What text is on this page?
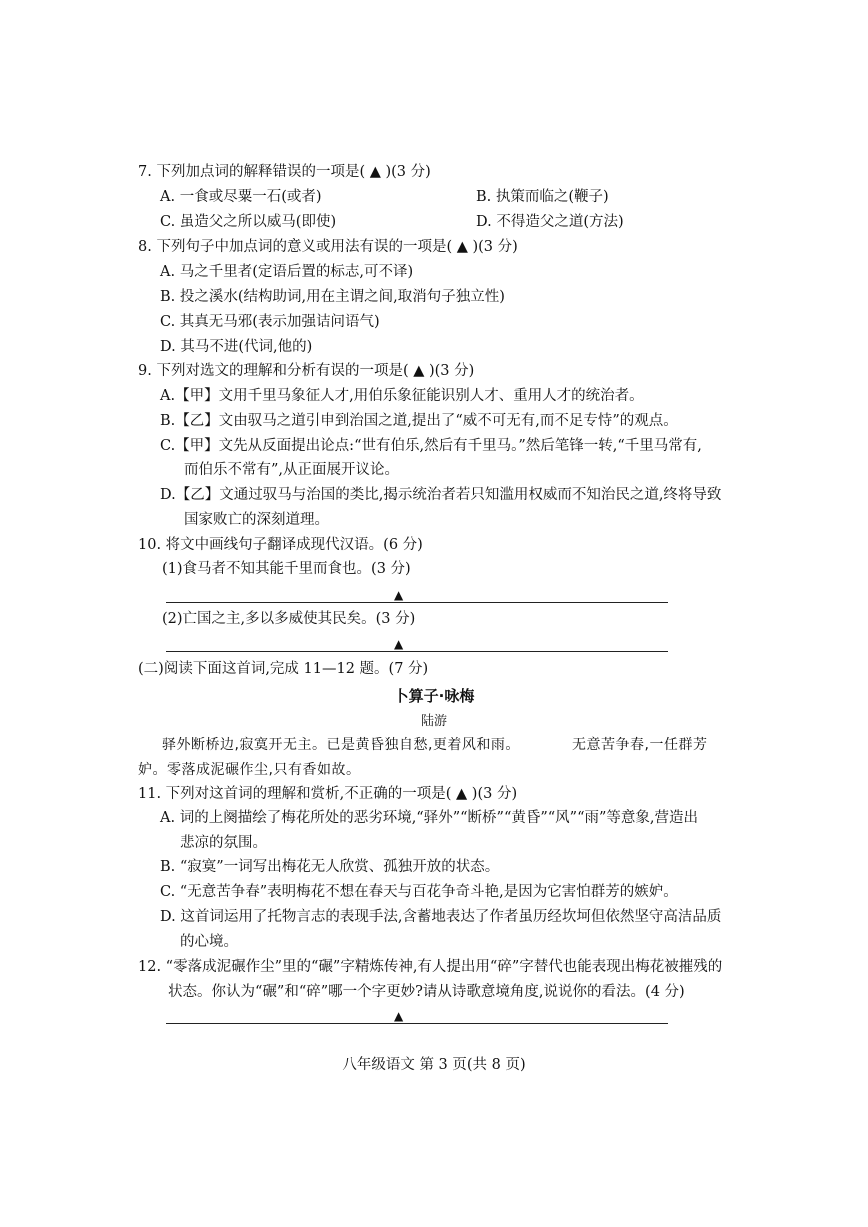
7. 下列加点词的解释错误的一项是( ▲ )(3 分)
A. 一食或尽粟一石(或者)	B. 执策而临之(鞭子)
C. 虽造父之所以威马(即使)	D. 不得造父之道(方法)
8. 下列句子中加点词的意义或用法有误的一项是( ▲ )(3 分)
A. 马之千里者(定语后置的标志,可不译)
B. 投之溪水(结构助词,用在主谓之间,取消句子独立性)
C. 其真无马邪(表示加强诘问语气)
D. 其马不进(代词,他的)
9. 下列对选文的理解和分析有误的一项是( ▲ )(3 分)
A.【甲】文用千里马象征人才,用伯乐象征能识别人才、重用人才的统治者。
B.【乙】文由驭马之道引申到治国之道,提出了“威不可无有,而不足专恃”的观点。
C.【甲】文先从反面提出论点:“世有伯乐,然后有千里马。”然后笔锋一转,“千里马常有,
而伯乐不常有”,从正面展开议论。
D.【乙】文通过驭马与治国的类比,揭示统治者若只知滥用权威而不知治民之道,终将导致
国家败亡的深刻道理。
10. 将文中画线句子翻译成现代汉语。(6 分)
(1)食马者不知其能千里而食也。(3 分)
▲
(2)亡国之主,多以多威使其民矣。(3 分)
▲
(二)阅读下面这首词,完成 11—12 题。(7 分)
卜算子·咏梅
陆游
驿外断桥边,寂寞开无主。已是黄昏独自愁,更着风和雨。	无意苦争春,一任群芳
妒。零落成泥碾作尘,只有香如故。
11. 下列对这首词的理解和赏析,不正确的一项是( ▲ )(3 分)
A. 词的上阕描绘了梅花所处的恶劣环境,“驿外”“断桥”“黄昏”“风”“雨”等意象,营造出
悲凉的氛围。
B. “寂寞”一词写出梅花无人欣赏、孤独开放的状态。
C. “无意苦争春”表明梅花不想在春天与百花争奇斗艳,是因为它害怕群芳的嫉妒。
D. 这首词运用了托物言志的表现手法,含蓄地表达了作者虽历经坎坷但依然坚守高洁品质
的心境。
12. “零落成泥碾作尘”里的“碾”字精炼传神,有人提出用“碎”字替代也能表现出梅花被摧残的
状态。你认为“碾”和“碎”哪一个字更妙?请从诗歌意境角度,说说你的看法。(4 分)
▲
八年级语文 第 3 页(共 8 页)
